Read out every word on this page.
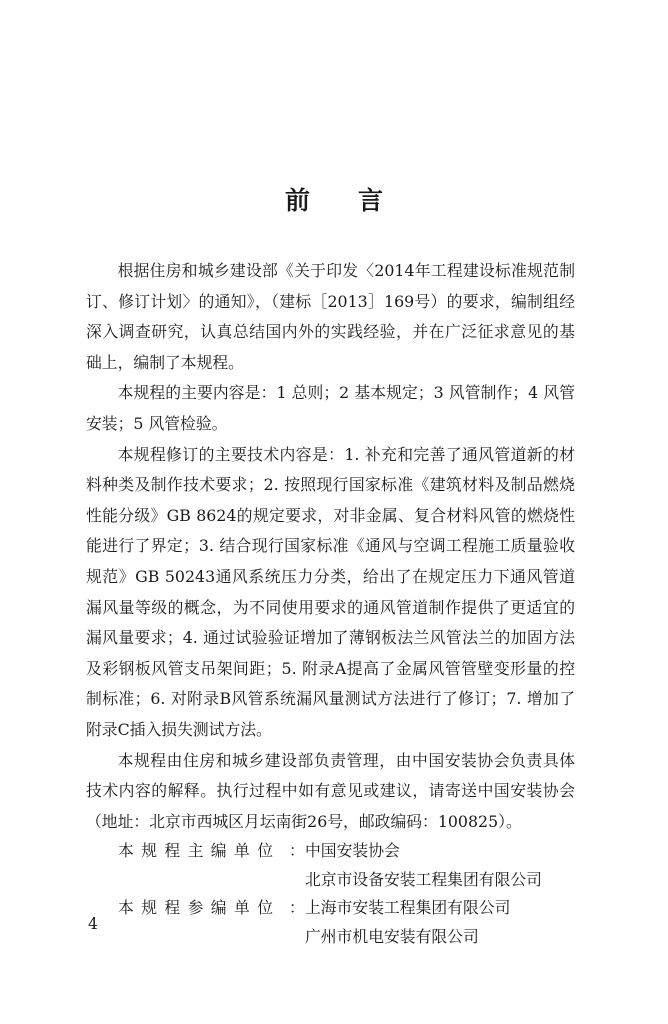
前言

根据住房和城乡建设部《关于印发〈2014年工程建设标准规范制订、修订计划〉的通知》，（建标［2013］169号）的要求，编制组经深入调查研究，认真总结国内外的实践经验，并在广泛征求意见的基础上，编制了本规程。

本规程的主要内容是：1 总则；2 基本规定；3 风管制作；4 风管安装；5 风管检验。

本规程修订的主要技术内容是：1. 补充和完善了通风管道新的材料种类及制作技术要求；2. 按照现行国家标准《建筑材料及制品燃烧性能分级》GB 8624的规定要求，对非金属、复合材料风管的燃烧性能进行了界定；3. 结合现行国家标准《通风与空调工程施工质量验收规范》GB 50243通风系统压力分类，给出了在规定压力下通风管道漏风量等级的概念，为不同使用要求的通风管道制作提供了更适宜的漏风量要求；4. 通过试验验证增加了薄钢板法兰风管法兰的加固方法及彩钢板风管支吊架间距；5. 附录A提高了金属风管管壁变形量的控制标准；6. 对附录B风管系统漏风量测试方法进行了修订；7. 增加了附录C插入损失测试方法。

本规程由住房和城乡建设部负责管理，由中国安装协会负责具体技术内容的解释。执行过程中如有意见或建议，请寄送中国安装协会（地址：北京市西城区月坛南街26号，邮政编码：100825）。

本规程主编单位	： 中国安装协会
北京市设备安装工程集团有限公司
本规程参编单位	： 上海市安装工程集团有限公司
广州市机电安装有限公司
4
